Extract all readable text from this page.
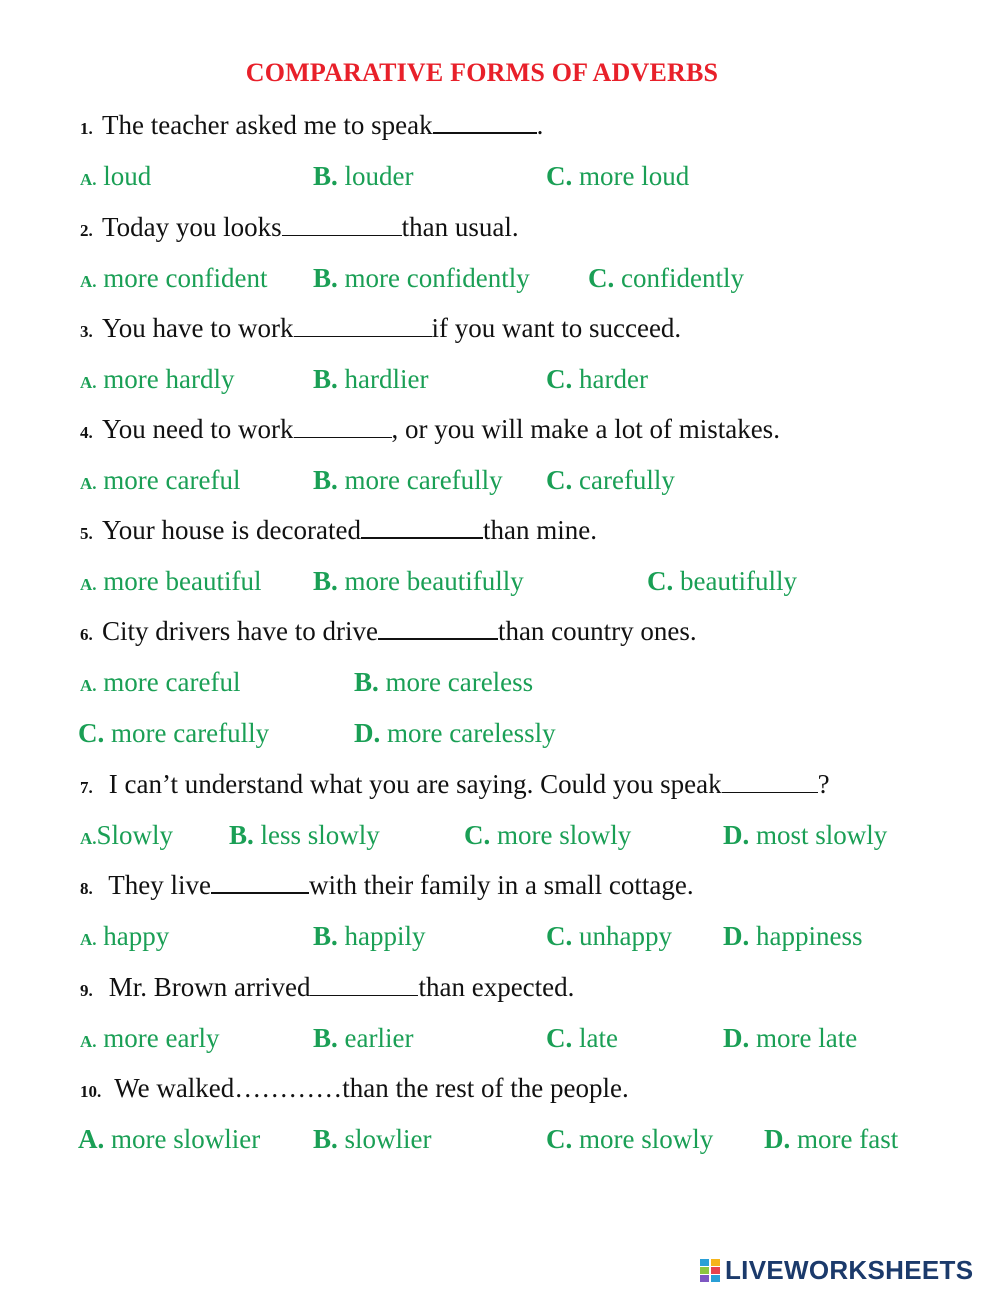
COMPARATIVE FORMS OF ADVERBS
1. The teacher asked me to speak	.
A. loud	B. louder	C. more loud
2. Today you looks	than usual.
A. more confident B. more confidently C. confidently
3. You have to work	if you want to succeed.
A. more hardly	B. hardlier	C. harder
4. You need to work	, or you will make a lot of mistakes.
A. more careful	B. more carefully C. carefully
5. Your house is decorated	than mine.
A. more beautiful B. more beautifully	C. beautifully
6. City drivers have to drive	than country ones.
A. more careful	B. more careless
C. more carefully	D. more carelessly
7. I can’t understand what you are saying. Could you speak	?
A.Slowly B. less slowly	C. more slowly	D. most slowly
8. They live	with their family in a small cottage.
A. happy	B. happily	C. unhappy D. happiness
9. Mr. Brown arrived	than expected.
A. more early	B. earlier	C. late	D. more late
10. We walked…………than the rest of the people.
A. more slowlier B. slowlier	C. more slowly D. more fast
LIVEWORKSHEETS
